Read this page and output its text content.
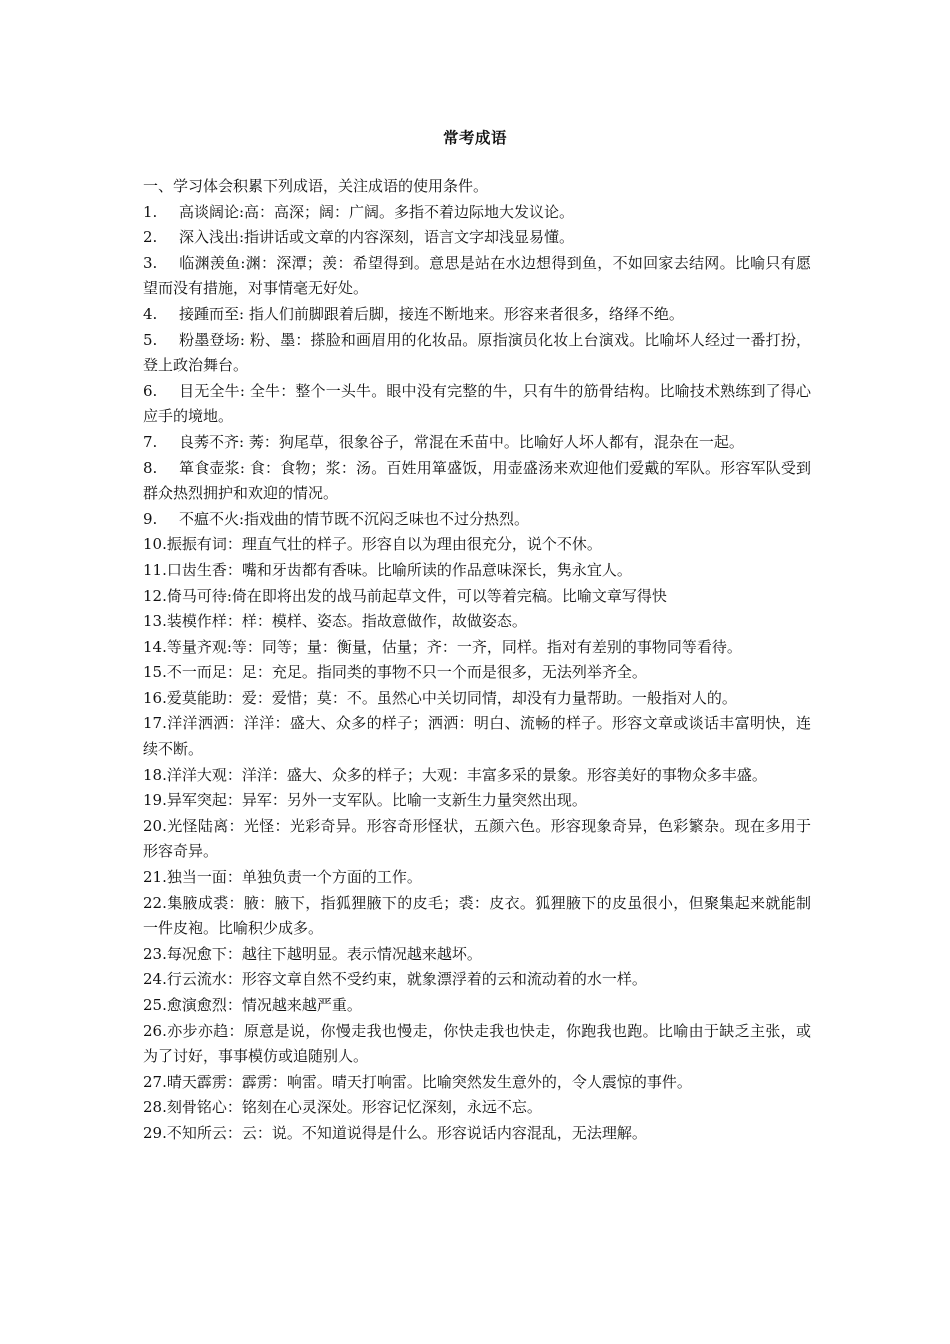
常考成语

一、学习体会积累下列成语，关注成语的使用条件。

1. 高谈阔论:高：高深；阔：广阔。多指不着边际地大发议论。

2. 深入浅出:指讲话或文章的内容深刻，语言文字却浅显易懂。

3. 临渊羡鱼:渊：深潭；羡：希望得到。意思是站在水边想得到鱼，不如回家去结网。比喻只有愿望而没有措施，对事情毫无好处。

4. 接踵而至: 指人们前脚跟着后脚，接连不断地来。形容来者很多，络绎不绝。

5. 粉墨登场: 粉、墨：搽脸和画眉用的化妆品。原指演员化妆上台演戏。比喻坏人经过一番打扮，登上政治舞台。

6. 目无全牛: 全牛：整个一头牛。眼中没有完整的牛，只有牛的筋骨结构。比喻技术熟练到了得心应手的境地。

7. 良莠不齐: 莠：狗尾草，很象谷子，常混在禾苗中。比喻好人坏人都有，混杂在一起。

8. 箪食壶浆: 食：食物；浆：汤。百姓用箪盛饭，用壶盛汤来欢迎他们爱戴的军队。形容军队受到群众热烈拥护和欢迎的情况。

9. 不瘟不火:指戏曲的情节既不沉闷乏味也不过分热烈。

10.振振有词：理直气壮的样子。形容自以为理由很充分，说个不休。

11.口齿生香：嘴和牙齿都有香味。比喻所读的作品意味深长，隽永宜人。

12.倚马可待:倚在即将出发的战马前起草文件，可以等着完稿。比喻文章写得快

13.装模作样：样：模样、姿态。指故意做作，故做姿态。

14.等量齐观:等：同等；量：衡量，估量；齐：一齐，同样。指对有差别的事物同等看待。

15.不一而足：足：充足。指同类的事物不只一个而是很多，无法列举齐全。

16.爱莫能助：爱：爱惜；莫：不。虽然心中关切同情，却没有力量帮助。一般指对人的。

17.洋洋洒洒：洋洋：盛大、众多的样子；洒洒：明白、流畅的样子。形容文章或谈话丰富明快，连续不断。

18.洋洋大观：洋洋：盛大、众多的样子；大观：丰富多采的景象。形容美好的事物众多丰盛。

19.异军突起：异军：另外一支军队。比喻一支新生力量突然出现。

20.光怪陆离：光怪：光彩奇异。形容奇形怪状，五颜六色。形容现象奇异，色彩繁杂。现在多用于形容奇异。

21.独当一面：单独负责一个方面的工作。

22.集腋成裘：腋：腋下，指狐狸腋下的皮毛；裘：皮衣。狐狸腋下的皮虽很小，但聚集起来就能制一件皮袍。比喻积少成多。

23.每况愈下：越往下越明显。表示情况越来越坏。

24.行云流水：形容文章自然不受约束，就象漂浮着的云和流动着的水一样。

25.愈演愈烈：情况越来越严重。

26.亦步亦趋：原意是说，你慢走我也慢走，你快走我也快走，你跑我也跑。比喻由于缺乏主张，或为了讨好，事事模仿或追随别人。

27.晴天霹雳：霹雳：响雷。晴天打响雷。比喻突然发生意外的，令人震惊的事件。

28.刻骨铭心：铭刻在心灵深处。形容记忆深刻，永远不忘。

29.不知所云：云：说。不知道说得是什么。形容说话内容混乱，无法理解。
